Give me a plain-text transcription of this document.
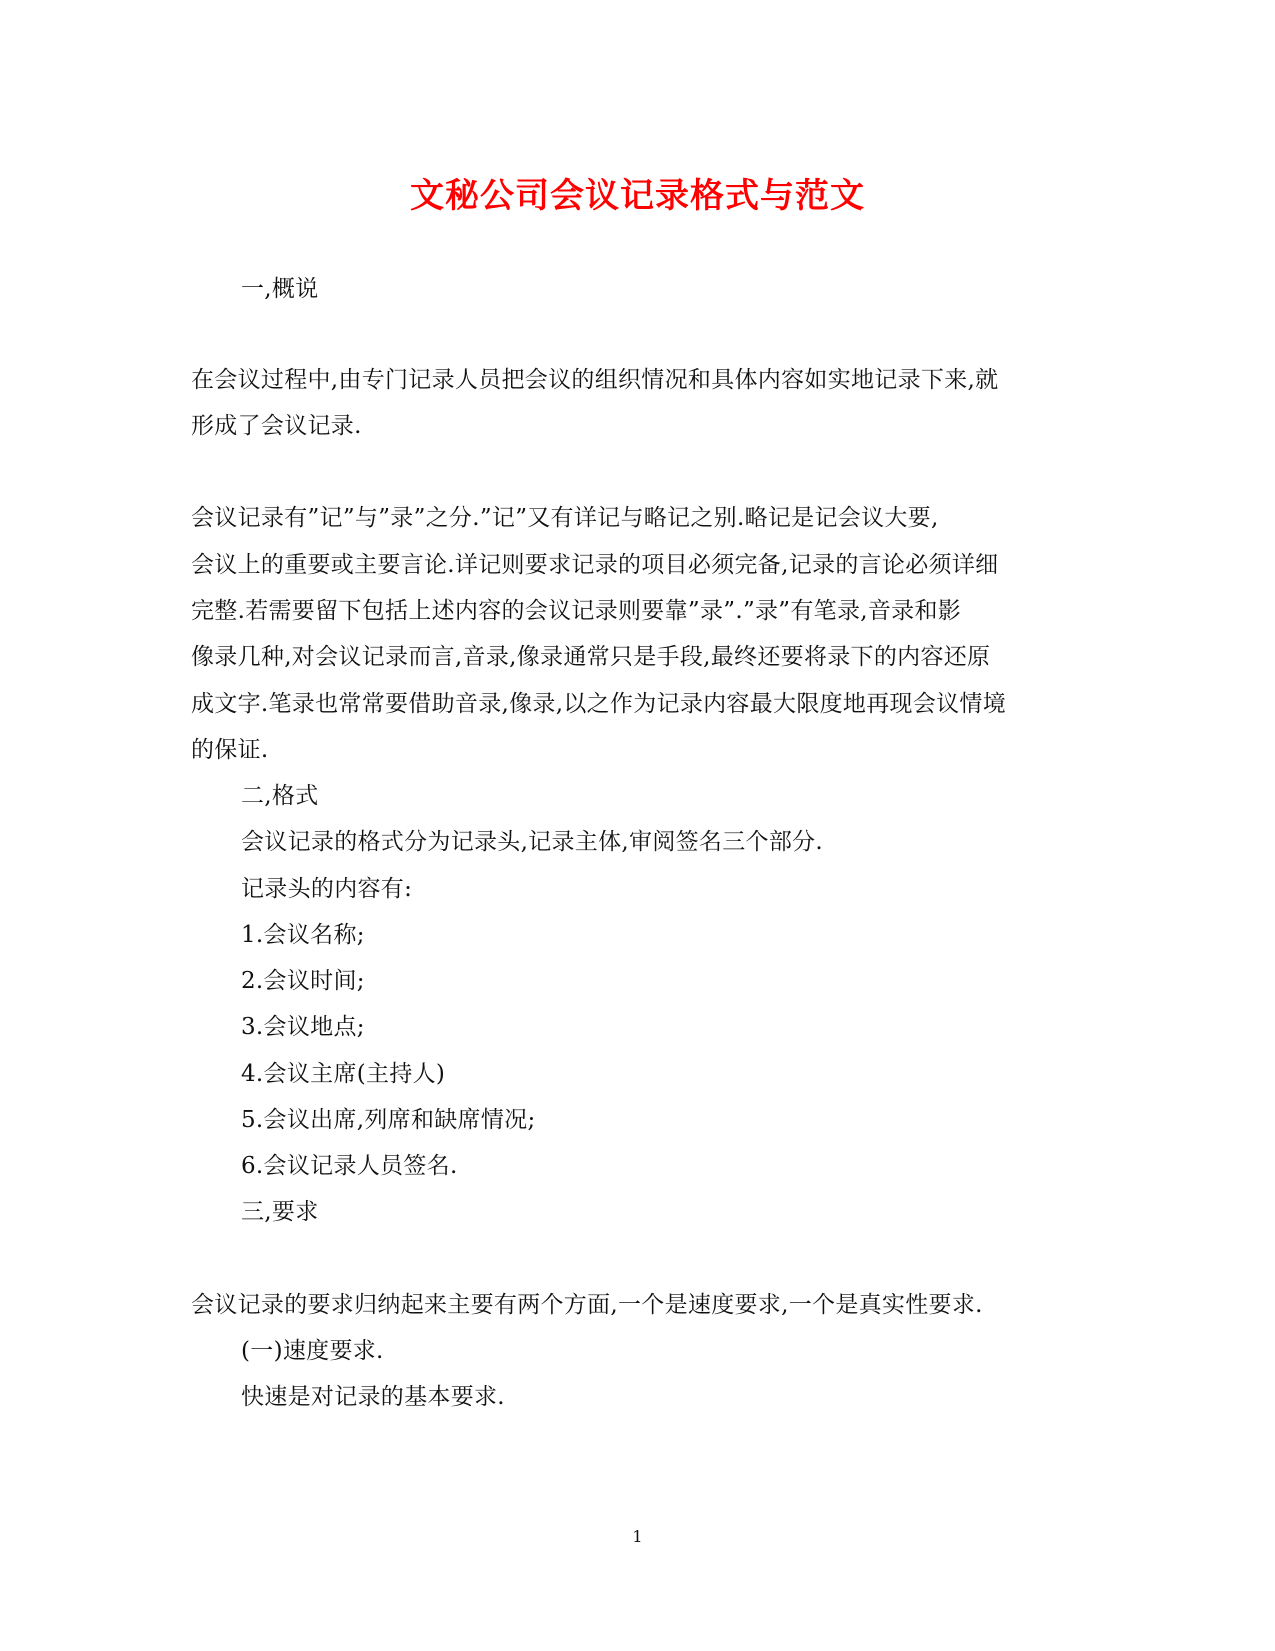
文秘公司会议记录格式与范文
一,概说
在会议过程中,由专门记录人员把会议的组织情况和具体内容如实地记录下来,就
形成了会议记录.
会议记录有”记”与”录”之分.”记”又有详记与略记之别.略记是记会议大要,
会议上的重要或主要言论.详记则要求记录的项目必须完备,记录的言论必须详细
完整.若需要留下包括上述内容的会议记录则要靠”录”.”录”有笔录,音录和影
像录几种,对会议记录而言,音录,像录通常只是手段,最终还要将录下的内容还原
成文字.笔录也常常要借助音录,像录,以之作为记录内容最大限度地再现会议情境
的保证.
二,格式
会议记录的格式分为记录头,记录主体,审阅签名三个部分.
记录头的内容有:
1.会议名称;
2.会议时间;
3.会议地点;
4.会议主席(主持人)
5.会议出席,列席和缺席情况;
6.会议记录人员签名.
三,要求
会议记录的要求归纳起来主要有两个方面,一个是速度要求,一个是真实性要求.
(一)速度要求.
快速是对记录的基本要求.
1
